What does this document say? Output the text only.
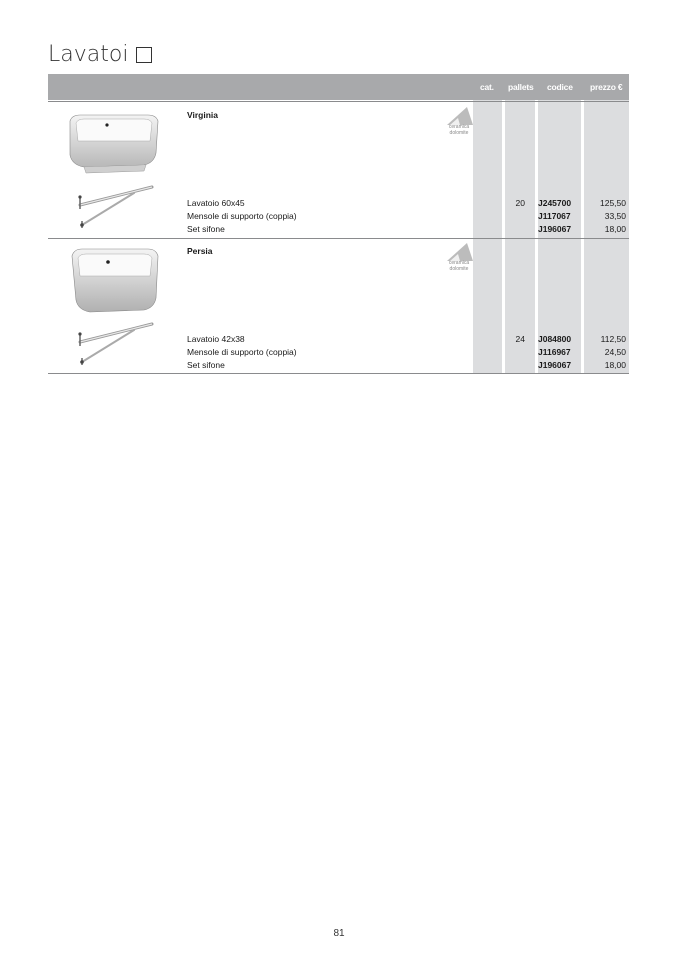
Lavatoi
cat. pallets codice prezzo €
Virginia
ceramica
dolomite
Lavatoio 60x45	20 J245700	125,50
Mensole di supporto (coppia)	J117067	33,50
Set sifone	J196067	18,00
Persia
ceramica
dolomite
Lavatoio 42x38	24 J084800	112,50
Mensole di supporto (coppia)	J116967	24,50
Set sifone	J196067	18,00
81
